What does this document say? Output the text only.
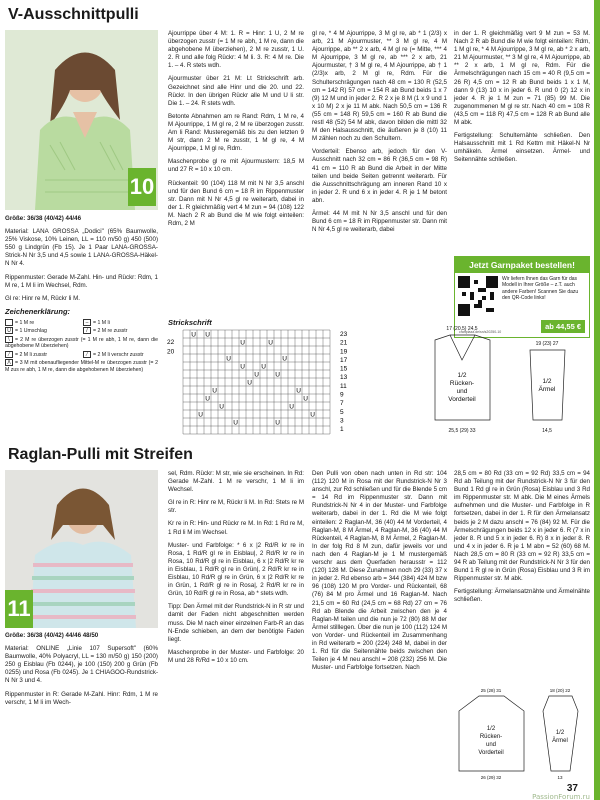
V-Ausschnittpulli
10

Größe: 36/38 (40/42) 44/46

Material: LANA GROSSA „Dodici" (65% Baumwolle, 25% Viskose, 10% Leinen, LL = 110 m/50 g) 450 (500) 550 g Lindgrün (Fb 15). Je 1 Paar LANA-GROSSA-Strick-N Nr 3,5 und 4,5 sowie 1 LANA-GROSSA-Häkel-N Nr 4.

Rippenmuster: Gerade M-Zahl. Hin- und Rückr: Rdm, 1 M re, 1 M li im Wechsel, Rdm.

Gl re: Hinr re M, Rückr li M.

Zeichenerklärung:
= 1 M re	– = 1 M li
U = 1 Umschlag	/ = 2 M re zusstr
\ = 2 M re überzogen zusstr (= 1 M re abh, 1 M re, dann die abgehobene M überziehen)
⁄ = 2 M li zusstr	⁄ = 2 M li verschr zusstr
Λ = 3 M mit obenaufliegender Mittel-M re überzogen zusstr (= 2 M zus re abh, 1 M re, dann die abgehobenen M überziehen)

Ajourrippe über 4 M: 1. R = Hinr: 1 U, 2 M re überzogen zusstr (= 1 M re abh, 1 M re, dann die abgehobene M überziehen), 2 M re zusstr, 1 U. 2. R und alle folg Rückr: 4 M li. 3. R: 4 M re. Die 1. – 4. R stets wdh.

Ajourmuster über 21 M: Lt Strickschrift arb. Gezeichnet sind alle Hinr und die 20. und 22. Rückr. In den übrigen Rückr alle M und U li str. Die 1. – 24. R stets wdh.

Betonte Abnahmen am re Rand: Rdm, 1 M re, 4 M Ajourrippe, 1 M gl re, 2 M re überzogen zusstr. Am li Rand: Musteregemäß bis zu den letzten 9 M str, dann 2 M re zusstr, 1 M gl re, 4 M Ajourrippe, 1 M gl re, Rdm.

Maschenprobe gl re mit Ajourmustern: 18,5 M und 27 R = 10 x 10 cm.

Rückenteil: 90 (104) 118 M mit N Nr 3,5 anschl und für den Bund 6 cm = 18 R im Rippenmuster str. Dann mit N Nr 4,5 gl re weiterarb, dabei in der 1. R gleichmäßig vert 4 M zun = 94 (108) 122 M. Nach 2 R ab Bund die M wie folgt einteilen: Rdm, 2 M

gl re, * 4 M Ajourrippe, 3 M gl re, ab * 1 (2/3) x arb, 21 M Ajourmuster, ** 3 M gl re, 4 M Ajourrippe, ab ** 2 x arb, 4 M gl re (= Mitte, *** 4 M Ajourrippe, 3 M gl re, ab *** 2 x arb, 21 Ajourmuster, † 3 M gl re, 4 M Ajourrippe, ab † 1 (2/3)x arb, 2 M gl re, Rdm. Für die Schulterschrägungen nach 48 cm = 130 R (52,5 cm = 142 R) 57 cm = 154 R ab Bund beids 1 x 7 (9) 12 M und in jeder 2. R 2 x je 8 M (1 x 9 und 1 x 10 M) 2 x je 11 M abk. Nach 50,5 cm = 136 R (55 cm = 148 R) 59,5 cm = 160 R ab Bund die restl 48 (52) 54 M abk, davon bilden die mittl 32 M den Halsausschnitt, die äußeren je 8 (10) 11 M zählen noch zu den Schultern.

Vorderteil: Ebenso arb, jedoch für den V-Ausschnitt nach 32 cm = 86 R (36,5 cm = 98 R) 41 cm = 110 R ab Bund die Arbeit in der Mitte teilen und beide Seiten getrennt weiterarb. Für die Ausschnittschrägung am inneren Rand 10 x in jeder 2. R und 6 x in jeder 4. R je 1 M betont abn.

Ärmel: 44 M mit N Nr 3,5 anschl und für den Bund 6 cm = 18 R im Rippenmuster str. Dann mit N Nr 4,5 gl re weiterarb, dabei

in der 1. R gleichmäßig vert 9 M zun = 53 M. Nach 2 R ab Bund die M wie folgt einteilen: Rdm, 1 M gl re, * 4 M Ajourrippe, 3 M gl re, ab * 2 x arb, 21 M Ajourmuster, ** 3 M gl re, 4 M Ajourrippe, ab ** 2 x arb, 1 M gl re, Rdm. Für die Ärmelschrägungen nach 15 cm = 40 R (9,5 cm = 26 R) 4,5 cm = 12 R ab Bund beids 1 x 1 M, dann 9 (13) 10 x in jeder 6. R und 0 (2) 12 x in jeder 4. R je 1 M zun = 71 (85) 99 M. Die zugenommenen M gl re str. Nach 40 cm = 108 R (43,5 cm = 118 R) 47,5 cm = 128 R ab Bund alle M abk.

Fertigstellung: Schulternähte schließen. Den Halsausschnitt mit 1 Rd Kettm mit Häkel-N Nr umhäkeln. Ärmel einsetzen. Ärmel- und Seitennähte schließen.

Jetzt Garnpaket bestellen!
Wir liefern Ihnen das Garn für das Modell in Ihrer Größe – z.T. auch andere Farben! Scannen Sie dazu den QR-Code links!
craftplaza.de/sn/s20250-10
ab 44,55 €
Strickschrift
U U
U	U
U	U
U	U
U	U
U
U	U
U	U
U	U
U	U
U	U
23
21
19
17
15
13
11
9
7
5
3
1
22
20
1/2
Rücken-
und
Vorderteil
1/2
Ärmel
17 (20,5) 24,5
25,5 (29) 33
19 (23) 27
14,5
Raglan-Pulli mit Streifen
11

Größe: 36/38 (40/42) 44/46 48/50

Material: ONLINE „Linie 107 Supersoft" (60% Baumwolle, 40% Polyacryl, LL = 130 m/50 g) 150 (200) 250 g Eisblau (Fb 0244), je 100 (150) 200 g Grün (Fb 0255) und Rosa (Fb 0245). Je 1 CHIAGOO-Rundstrick-N Nr 3 und 4.

Rippenmuster in R: Gerade M-Zahl. Hinr: Rdm, 1 M re verschr, 1 M li im Wech-

sel, Rdm. Rückr: M str, wie sie erscheinen. In Rd: Gerade M-Zahl. 1 M re verschr, 1 M li im Wechsel.

Gl re in R: Hinr re M, Rückr li M. In Rd: Stets re M str.

Kr re in R: Hin- und Rückr re M. In Rd: 1 Rd re M, 1 Rd li M im Wechsel.

Muster- und Farbfolge: * 6 x |2 Rd/R kr re in Rosa, 1 Rd/R gl re in Eisblau|, 2 Rd/R kr re in Rosa, 10 Rd/R gl re in Eisblau, 6 x |2 Rd/R kr re in Eisblau, 1 Rd/R gl re in Grün|, 2 Rd/R kr re in Eisblau, 10 Rd/R gl re in Grün, 6 x |2 Rd/R kr re in Grün, 1 Rd/R gl re in Rosa|, 2 Rd/R kr re in Grün, 10 Rd/R gl re in Rosa, ab * stets wdh.

Tipp: Den Ärmel mit der Rundstrick-N in R str und damit der Faden nicht abgeschnitten werden muss. Die M nach einer einzelnen Farb-R an das N-Ende schieben, an dem der benötigte Faden liegt.

Maschenprobe in der Muster- und Farbfolge: 20 M und 28 R/Rd = 10 x 10 cm.

Den Pulli von oben nach unten in Rd str: 104 (112) 120 M in Rosa mit der Rundstrick-N Nr 3 anschl, zur Rd schließen und für die Blende 5 cm = 14 Rd im Rippenmuster str. Dann mit Rundstrick-N Nr 4 in der Muster- und Farbfolge weiterarb, dabei in der 1. Rd die M wie folgt einteilen: 2 Raglan-M, 36 (40) 44 M Vorderteil, 4 Raglan-M, 8 M Ärmel, 4 Raglan-M, 36 (40) 44 M Rückenteil, 4 Raglan-M, 8 M Ärmel, 2 Raglan-M. In der folg Rd 8 M zun, dafür jeweils vor und nach den 4 Raglan-M je 1 M mustergemäß verschr aus dem Querfaden herausstr = 112 (120) 128 M. Diese Zunahmen noch 29 (33) 37 x in jeder 2. Rd ebenso arb = 344 (384) 424 M bzw 96 (108) 120 M pro Vorder- und Rückenteil, 68 (76) 84 M pro Ärmel und 16 Raglan-M. Nach 21,5 cm = 60 Rd (24,5 cm = 68 Rd) 27 cm = 76 Rd ab Blende die Arbeit zwischen den je 4 Raglan-M teilen und die nun je 72 (80) 88 M der Ärmel stilllegen. Über die nun je 100 (112) 124 M von Vorder- und Rückenteil im Zusammenhang in Rd weiterarb = 200 (224) 248 M, dabei in der 1. Rd für die Seitennähte beids zwischen den Teilen je 4 M neu anschl = 208 (232) 256 M. Die Muster- und Farbfolge fortsetzen. Nach

28,5 cm = 80 Rd (33 cm = 92 Rd) 33,5 cm = 94 Rd ab Teilung mit der Rundstrick-N Nr 3 für den Bund 1 Rd gl re in Grün (Rosa) Eisblau und 3 Rd im Rippenmuster str. M abk. Die M eines Ärmels aufnehmen und die Muster- und Farbfolge in R fortsetzen, dabei in der 1. R für den Ärmelansatz beids je 2 M dazu anschl = 76 (84) 92 M. Für die Ärmelschrägungen beids 12 x in jeder 6. R (7 x in jeder 8. R und 5 x in jeder 6. R) 8 x in jeder 8. R und 4 x in jeder 6. R je 1 M abn = 52 (60) 68 M. Nach 28,5 cm = 80 R (33 cm = 92 R) 33,5 cm = 94 R ab Teilung mit der Rundstrick-N Nr 3 für den Bund 1 R gl re in Grün (Rosa) Eisblau und 3 R im Rippenmuster str. M abk.

Fertigstellung: Ärmelansatznähte und Ärmelnähte schließen.

1/2
Rücken-
und
Vorderteil
1/2
Ärmel
25 (28) 31
26 (29) 32
18 (20) 22
13
37
PassionForum.ru
